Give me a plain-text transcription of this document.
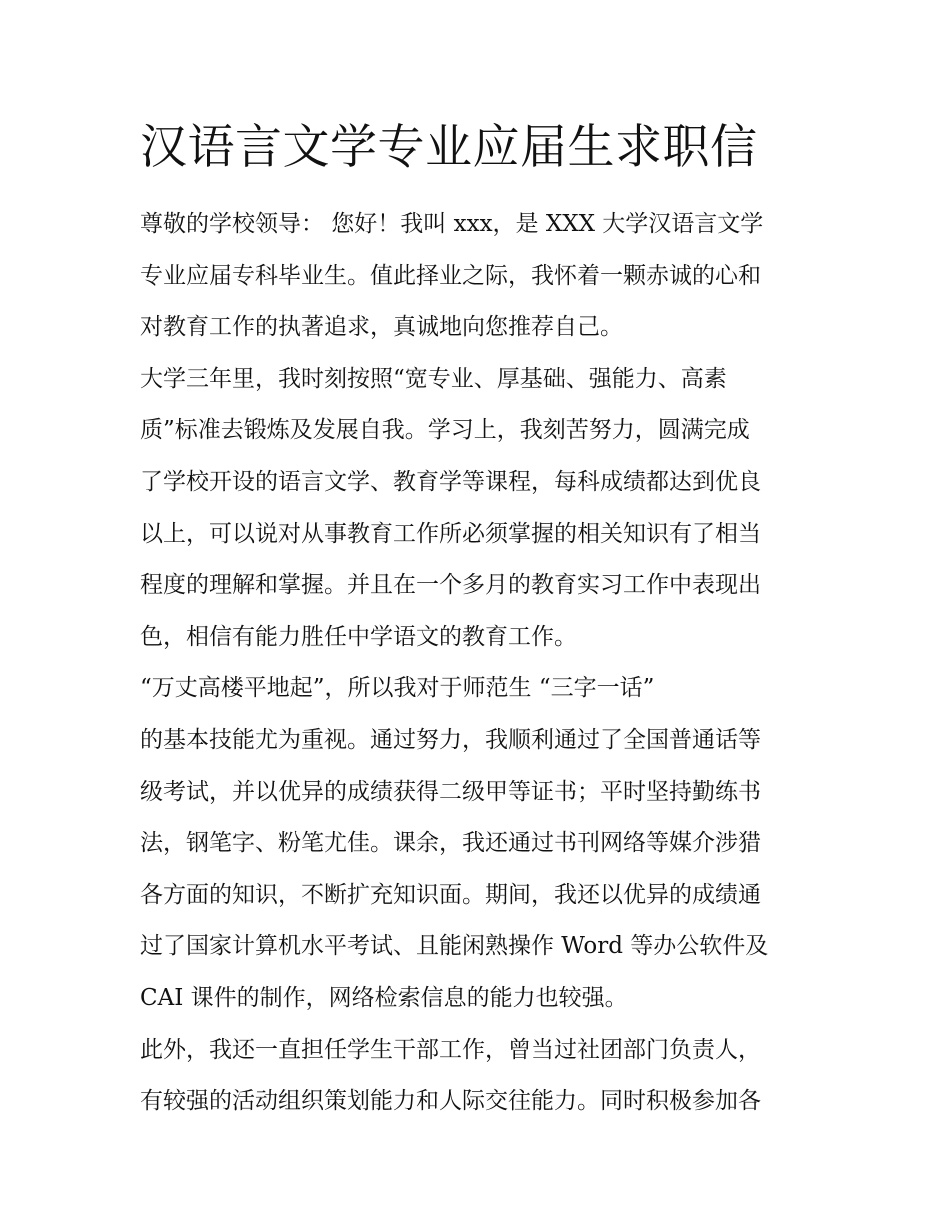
汉语言文学专业应届生求职信
尊敬的学校领导： 您好！我叫 xxx，是 XXX 大学汉语言文学
专业应届专科毕业生。值此择业之际，我怀着一颗赤诚的心和
对教育工作的执著追求，真诚地向您推荐自己。
大学三年里，我时刻按照“宽专业、厚基础、强能力、高素
质”标准去锻炼及发展自我。学习上，我刻苦努力，圆满完成
了学校开设的语言文学、教育学等课程，每科成绩都达到优良
以上，可以说对从事教育工作所必须掌握的相关知识有了相当
程度的理解和掌握。并且在一个多月的教育实习工作中表现出
色，相信有能力胜任中学语文的教育工作。
“万丈高楼平地起”，所以我对于师范生 “三字一话”
的基本技能尤为重视。通过努力，我顺利通过了全国普通话等
级考试，并以优异的成绩获得二级甲等证书；平时坚持勤练书
法，钢笔字、粉笔尤佳。课余，我还通过书刊网络等媒介涉猎
各方面的知识，不断扩充知识面。期间，我还以优异的成绩通
过了国家计算机水平考试、且能闲熟操作 Word 等办公软件及
CAI 课件的制作，网络检索信息的能力也较强。
此外，我还一直担任学生干部工作，曾当过社团部门负责人，
有较强的活动组织策划能力和人际交往能力。同时积极参加各
